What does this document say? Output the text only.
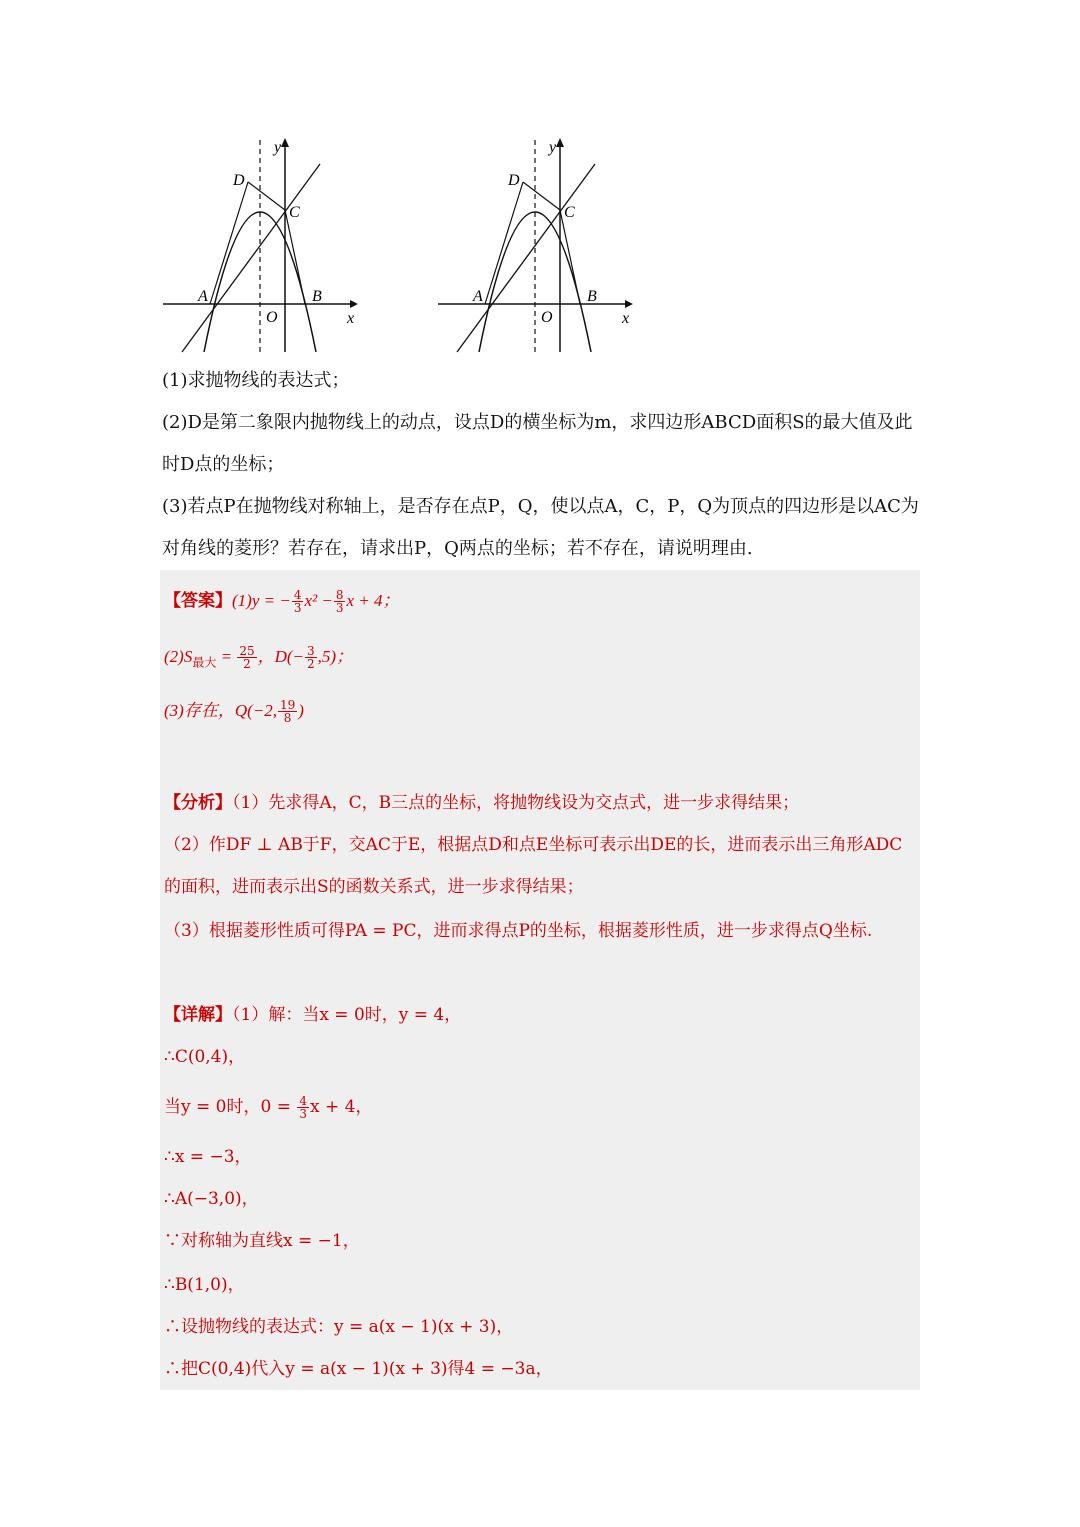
y
x
O
A	B
C
D
y
x
O
A	B
C
D

(1)求抛物线的表达式；

(2)D是第二象限内抛物线上的动点，设点D的横坐标为m，求四边形ABCD面积S的最大值及此时D点的坐标；

(3)若点P在抛物线对称轴上，是否存在点P，Q，使以点A，C，P，Q为顶点的四边形是以AC为对角线的菱形？若存在，请求出P，Q两点的坐标；若不存在，请说明理由.

【答案】(1)y = − $\frac{4}{3} x^2 - \frac{8}{3}$ x + 4；
$(2)S_{最大} = \frac{25}{2}$ ，$D(- \frac{3}{2} ,5)$；
(3)存在，Q(−2, $\frac{19}{8}$ )
【分析】（1）先求得A，C，B三点的坐标，将抛物线设为交点式，进一步求得结果；
（2）作DF ⊥ AB于F，交AC于E，根据点D和点E坐标可表示出DE的长，进而表示出三角形ADC的面积，进而表示出S的函数关系式，进一步求得结果；
（3）根据菱形性质可得PA = PC，进而求得点P的坐标，根据菱形性质，进一步求得点Q坐标.
【详解】（1）解：当x = 0时，y = 4，
∴C(0,4)，
当y = 0时，$0 = \frac{4}{3}$ x + 4，
∴x = −3，
∴A(−3,0)，
∵对称轴为直线x = −1，
∴B(1,0)，
∴设抛物线的表达式：y = a(x − 1)(x + 3)，
∴把C(0,4)代入y = a(x − 1)(x + 3)得4 = −3a，
